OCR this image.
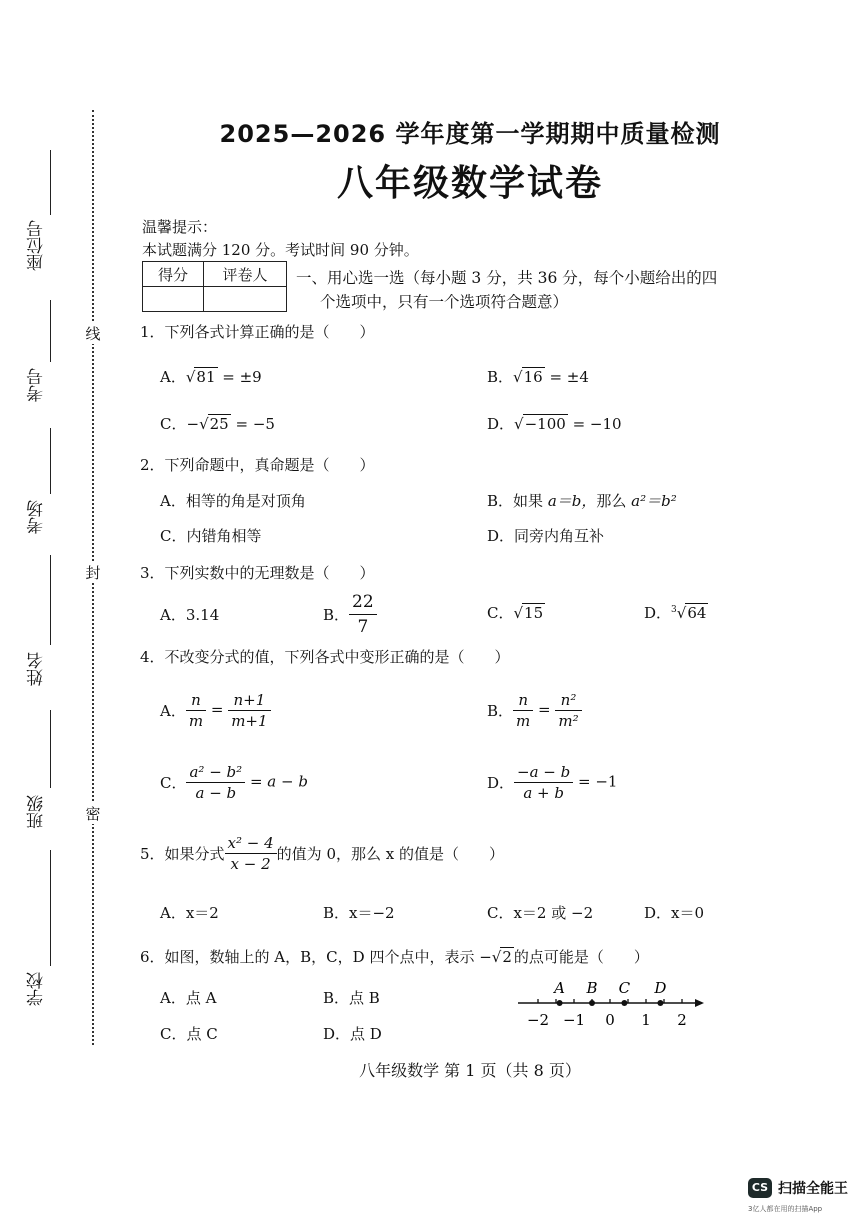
座位号
考号
考场
姓名
班级
学校
线
封
密
2025—2026 学年度第一学期期中质量检测
八年级数学试卷
温馨提示：
本试题满分 120 分。考试时间 90 分钟。
得分	评卷人
	一、用心选一选（每小题 3 分，共 36 分，每个小题给出的四
个选项中，只有一个选项符合题意）
1．下列各式计算正确的是（　　）
A．√81 = ±9	B．√16 = ±4
C．−√25 = −5	D．√−100 = −10
2．下列命题中，真命题是（　　）
A．相等的角是对顶角	B．如果 a＝b，那么 a²＝b²
C．内错角相等	D．同旁内角互补
3．下列实数中的无理数是（　　）
A．3.14	B． $\frac{22}{7}$	C．√15	D．$^3$√64
4．不改变分式的值，下列各式中变形正确的是（　　）
A． $\frac{n}{m} = \frac{n+1}{m+1}$	B． $\frac{n}{m} = \frac{\text{n²}}{\text{m²}}$
C． $\frac{\text{a² − b²}}{a - b} = a - b$	D． $\frac{-a - b}{a + b} = -1$
5．如果分式 $\frac{\text{x² − 4}}{x - 2}$ 的值为 0，那么 x 的值是（　　）
A．x＝2	B．x＝−2	C．x＝2 或 −2	D．x＝0
6．如图，数轴上的 A，B，C，D 四个点中，表示 −√2 的点可能是（　　）
A．点 A	B．点 B
C．点 C	D．点 D
−2 −1 0 1 2
A B C D
八年级数学 第 1 页（共 8 页）
CS 扫描全能王
3亿人都在用的扫描App
